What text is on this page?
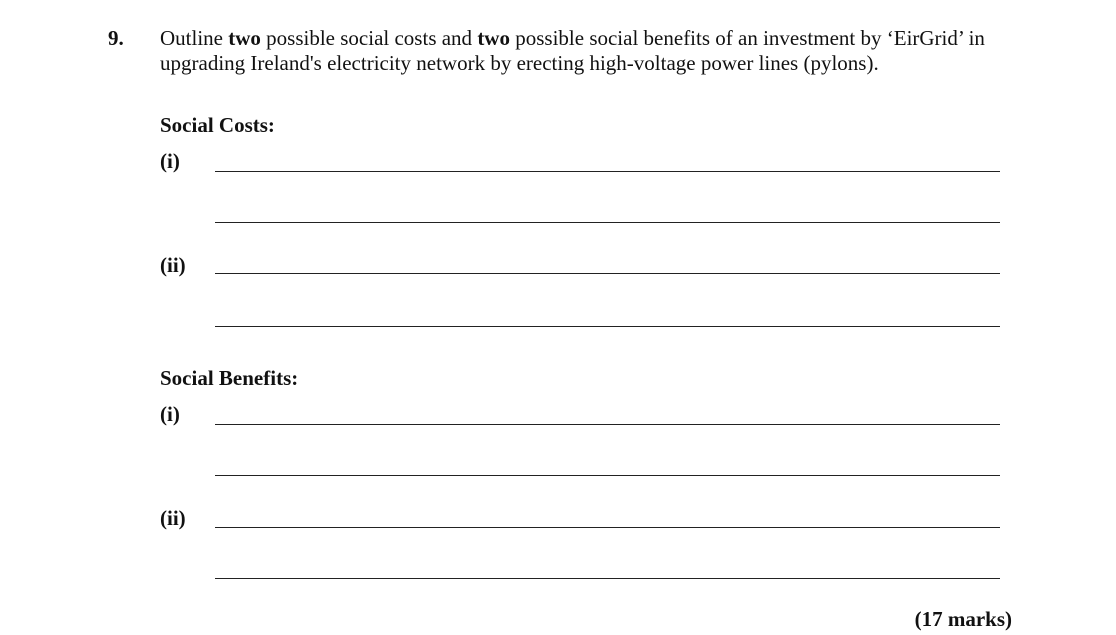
9. Outline two possible social costs and two possible social benefits of an investment by ‘EirGrid’ in upgrading Ireland's electricity network by erecting high-voltage power lines (pylons).
Social Costs:
(i)
(ii)
Social Benefits:
(i)
(ii)
(17 marks)
